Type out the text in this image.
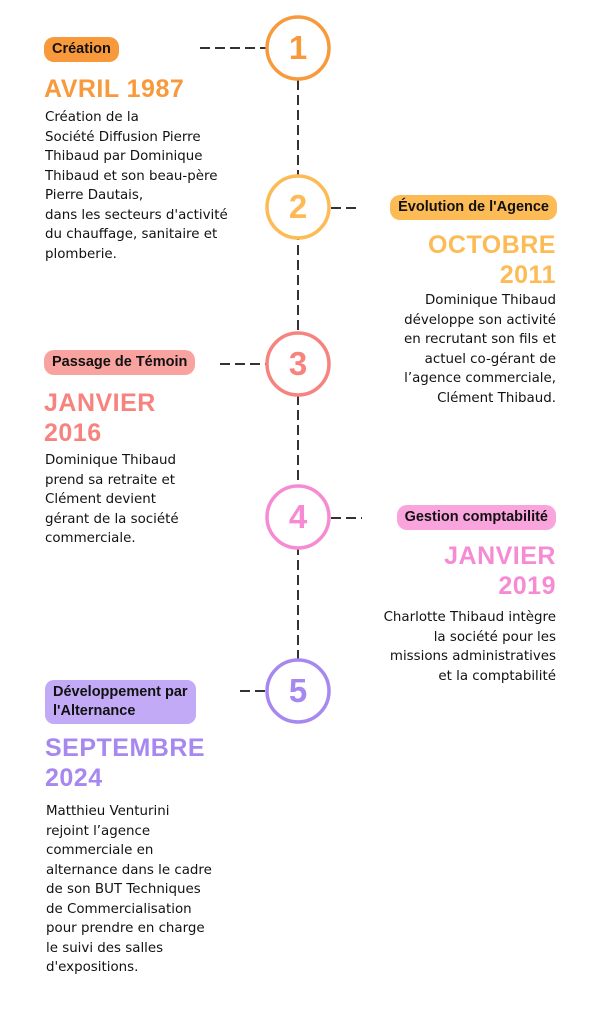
1
2
3
4
5
Création
AVRIL 1987
Création de la
Société Diffusion Pierre
Thibaud par Dominique
Thibaud et son beau-père
Pierre Dautais,
dans les secteurs d'activité
du chauffage, sanitaire et
plomberie.
Évolution de l'Agence
OCTOBRE
2011
Dominique Thibaud
développe son activité
en recrutant son fils et
actuel co-gérant de
l’agence commerciale,
Clément Thibaud.
Passage de Témoin
JANVIER
2016
Dominique Thibaud
prend sa retraite et
Clément devient
gérant de la société
commerciale.
Gestion comptabilité
JANVIER
2019
Charlotte Thibaud intègre
la société pour les
missions administratives
et la comptabilité
Développement par
l'Alternance
SEPTEMBRE
2024
Matthieu Venturini
rejoint l’agence
commerciale en
alternance dans le cadre
de son BUT Techniques
de Commercialisation
pour prendre en charge
le suivi des salles
d'expositions.
